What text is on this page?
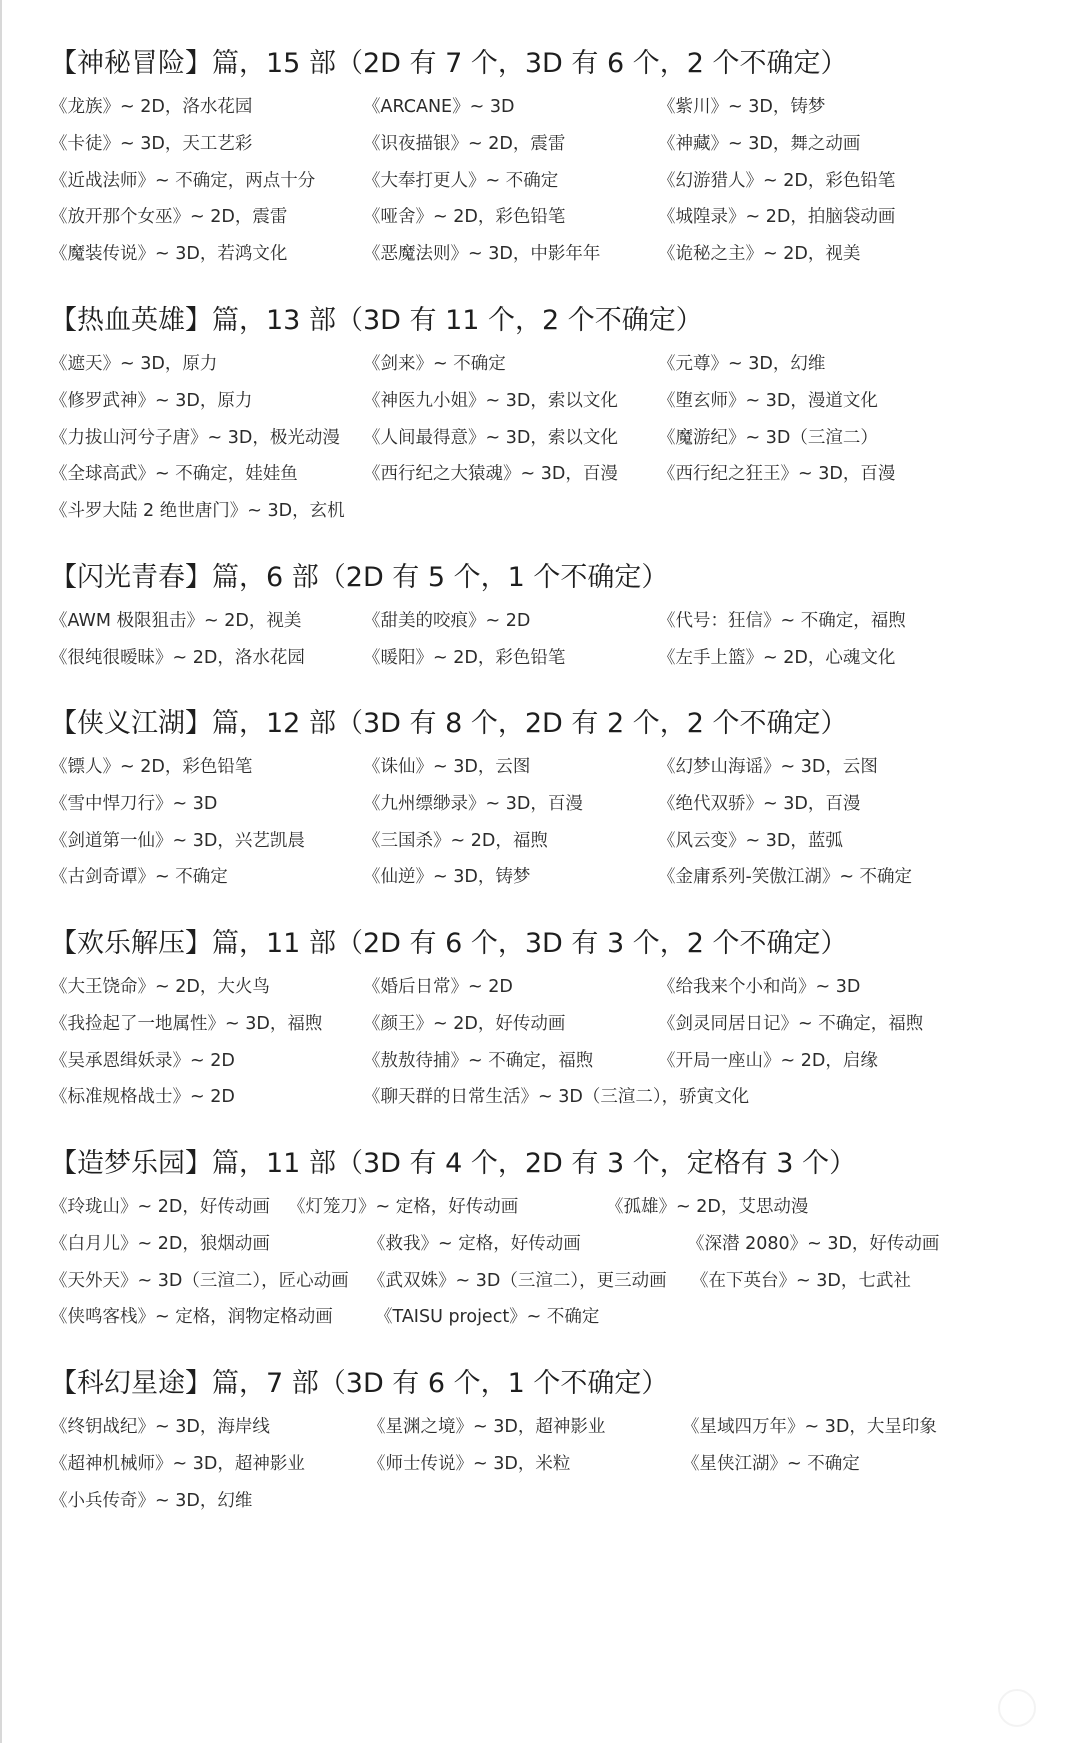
【神秘冒险】篇，15 部（2D 有 7 个，3D 有 6 个，2 个不确定）
《龙族》~ 2D，洛水花园	《ARCANE》~ 3D	《紫川》~ 3D，铸梦
《卡徒》~ 3D，天工艺彩	《识夜描银》~ 2D，震雷	《神藏》~ 3D，舞之动画
《近战法师》~ 不确定，两点十分	《大奉打更人》~ 不确定	《幻游猎人》~ 2D，彩色铅笔
《放开那个女巫》~ 2D，震雷	《哑舍》~ 2D，彩色铅笔	《城隍录》~ 2D，拍脑袋动画
《魔装传说》~ 3D，若鸿文化	《恶魔法则》~ 3D，中影年年	《诡秘之主》~ 2D，视美
【热血英雄】篇，13 部（3D 有 11 个，2 个不确定）
《遮天》~ 3D，原力	《剑来》~ 不确定	《元尊》~ 3D，幻维
《修罗武神》~ 3D，原力	《神医九小姐》~ 3D，索以文化 《堕玄师》~ 3D，漫道文化
《力拔山河兮子唐》~ 3D，极光动漫 《人间最得意》~ 3D，索以文化 《魔游纪》~ 3D（三渲二）
《全球高武》~ 不确定，娃娃鱼	《西行纪之大猿魂》~ 3D，百漫 《西行纪之狂王》~ 3D，百漫
《斗罗大陆 2 绝世唐门》~ 3D，玄机
【闪光青春】篇，6 部（2D 有 5 个，1 个不确定）
《AWM 极限狙击》~ 2D，视美	《甜美的咬痕》~ 2D	《代号：狂信》~ 不确定，福煦
《很纯很暧昧》~ 2D，洛水花园	《暖阳》~ 2D，彩色铅笔	《左手上篮》~ 2D，心魂文化
【侠义江湖】篇，12 部（3D 有 8 个，2D 有 2 个，2 个不确定）
《镖人》~ 2D，彩色铅笔	《诛仙》~ 3D，云图	《幻梦山海谣》~ 3D，云图
《雪中悍刀行》~ 3D	《九州缥缈录》~ 3D，百漫	《绝代双骄》~ 3D，百漫
《剑道第一仙》~ 3D，兴艺凯晨	《三国杀》~ 2D，福煦	《风云变》~ 3D，蓝弧
《古剑奇谭》~ 不确定	《仙逆》~ 3D，铸梦	《金庸系列-笑傲江湖》~ 不确定
【欢乐解压】篇，11 部（2D 有 6 个，3D 有 3 个，2 个不确定）
《大王饶命》~ 2D，大火鸟	《婚后日常》~ 2D	《给我来个小和尚》~ 3D
《我捡起了一地属性》~ 3D，福煦 《颜王》~ 2D，好传动画	《剑灵同居日记》~ 不确定，福煦
《吴承恩缉妖录》~ 2D	《敖敖待捕》~ 不确定，福煦	《开局一座山》~ 2D，启缘
《标准规格战士》~ 2D	《聊天群的日常生活》~ 3D（三渲二），骄寅文化
【造梦乐园】篇，11 部（3D 有 4 个，2D 有 3 个，定格有 3 个）
《玲珑山》~ 2D，好传动画 《灯笼刀》~ 定格，好传动画	《孤雄》~ 2D，艾思动漫
《白月儿》~ 2D，狼烟动画	《救我》~ 定格，好传动画	《深潜 2080》~ 3D，好传动画
《天外天》~ 3D（三渲二），匠心动画 《武双姝》~ 3D（三渲二），更三动画 《在下英台》~ 3D，七武社
《侠鸣客栈》~ 定格，润物定格动画 《TAISU project》~ 不确定
【科幻星途】篇，7 部（3D 有 6 个，1 个不确定）
《终钥战纪》~ 3D，海岸线	《星渊之境》~ 3D，超神影业	《星域四万年》~ 3D，大呈印象
《超神机械师》~ 3D，超神影业	《师士传说》~ 3D，米粒	《星侠江湖》~ 不确定
《小兵传奇》~ 3D，幻维
